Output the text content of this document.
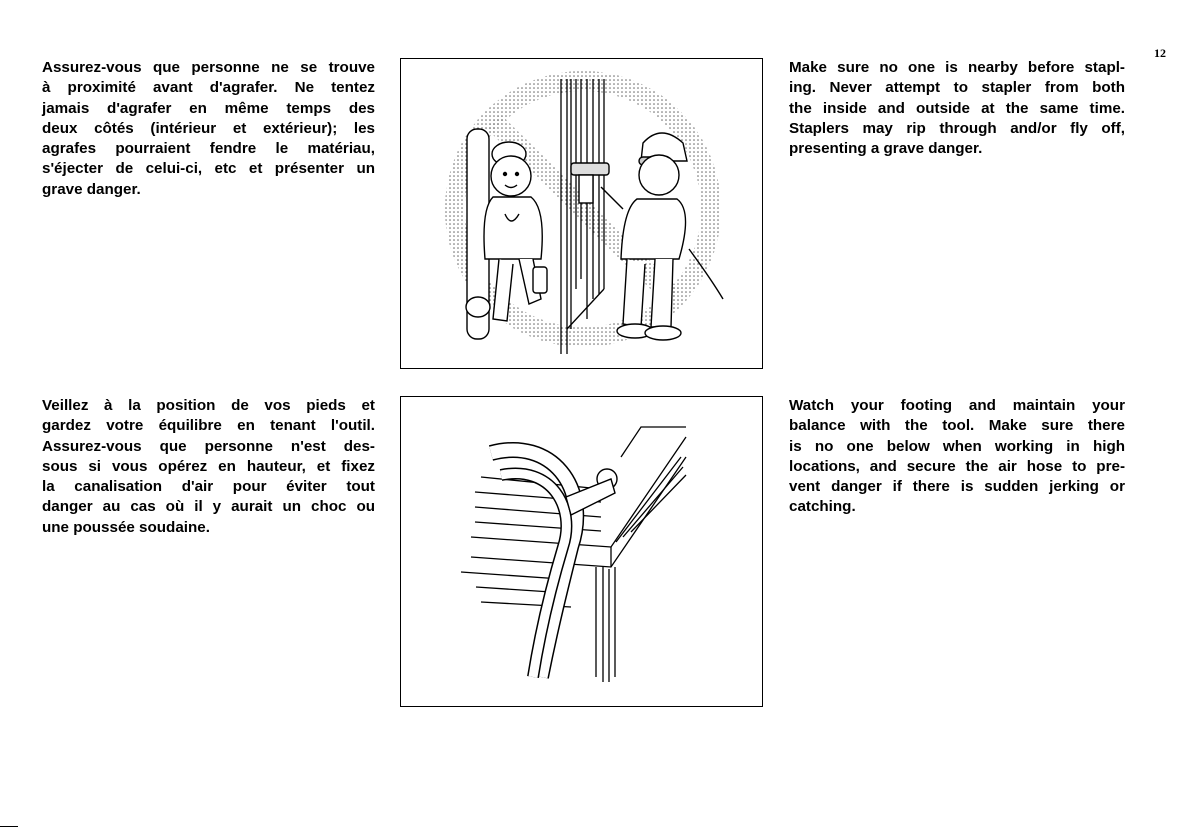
12
Assurez-vous que personne ne se trouve
à proximité avant d'agrafer. Ne tentez
jamais d'agrafer en même temps des
deux côtés (intérieur et extérieur); les
agrafes pourraient fendre le matériau,
s'éjecter de celui-ci, etc et présenter un
grave danger.
Make sure no one is nearby before stapl-
ing. Never attempt to stapler from both
the inside and outside at the same time.
Staplers may rip through and/or fly off,
presenting a grave danger.
Veillez à la position de vos pieds et
gardez votre équilibre en tenant l'outil.
Assurez-vous que personne n'est des-
sous si vous opérez en hauteur, et fixez
la canalisation d'air pour éviter tout
danger au cas où il y aurait un choc ou
une poussée soudaine.
Watch your footing and maintain your
balance with the tool. Make sure there
is no one below when working in high
locations, and secure the air hose to pre-
vent danger if there is sudden jerking or
catching.
